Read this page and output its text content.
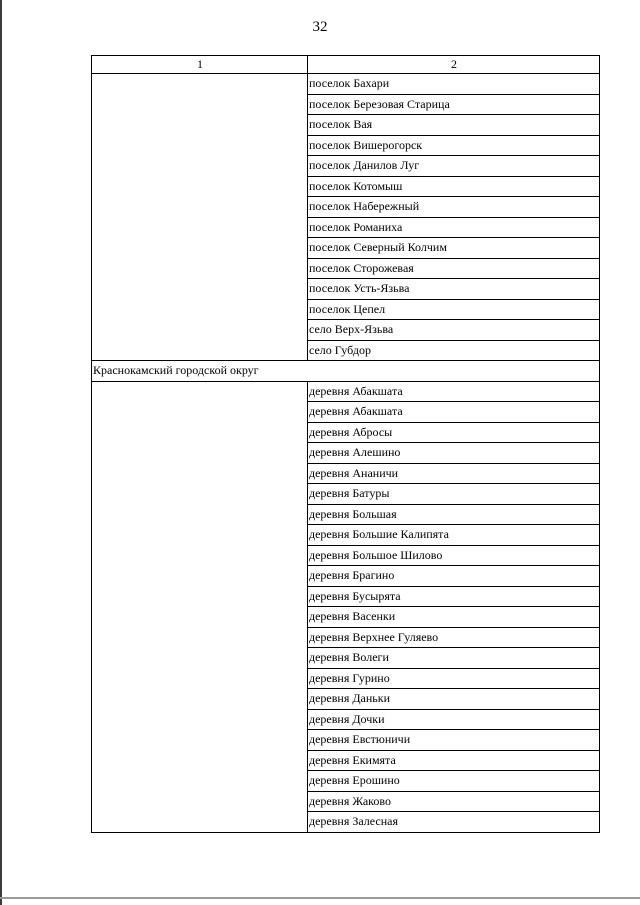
32
1	2
	поселок Бахари
	поселок Березовая Старица
	поселок Вая
	поселок Вишерогорск
	поселок Данилов Луг
	поселок Котомыш
	поселок Набережный
	поселок Романиха
	поселок Северный Колчим
	поселок Сторожевая
	поселок Усть-Язьва
	поселок Цепел
	село Верх-Язьва
	село Губдор
Краснокамский городской округ	
	деревня Абакшата
	деревня Абакшата
	деревня Абросы
	деревня Алешино
	деревня Ананичи
	деревня Батуры
	деревня Большая
	деревня Большие Калипята
	деревня Большое Шилово
	деревня Брагино
	деревня Бусырята
	деревня Васенки
	деревня Верхнее Гуляево
	деревня Волеги
	деревня Гурино
	деревня Даньки
	деревня Дочки
	деревня Евстюничи
	деревня Екимята
	деревня Ерошино
	деревня Жаково
	деревня Залесная
